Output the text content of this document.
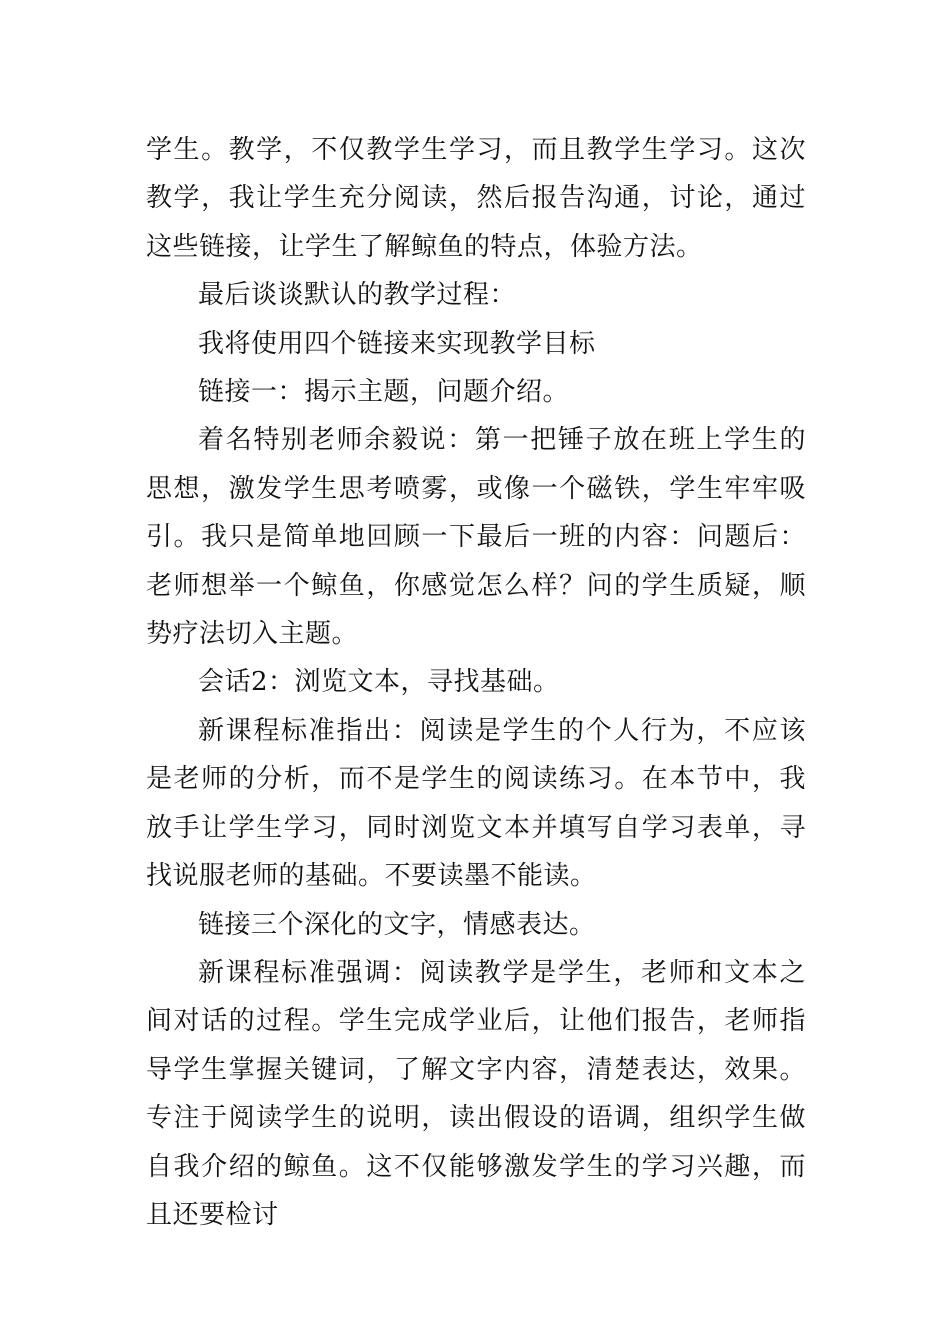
学生。教学，不仅教学生学习，而且教学生学习。这次教学，我让学生充分阅读，然后报告沟通，讨论，通过这些链接，让学生了解鲸鱼的特点，体验方法。

最后谈谈默认的教学过程：

我将使用四个链接来实现教学目标

链接一：揭示主题，问题介绍。

着名特别老师余毅说：第一把锤子放在班上学生的思想，激发学生思考喷雾，或像一个磁铁，学生牢牢吸引。我只是简单地回顾一下最后一班的内容：问题后：老师想举一个鲸鱼，你感觉怎么样？问的学生质疑，顺势疗法切入主题。

会话2：浏览文本，寻找基础。

新课程标准指出：阅读是学生的个人行为，不应该是老师的分析，而不是学生的阅读练习。在本节中，我放手让学生学习，同时浏览文本并填写自学习表单，寻找说服老师的基础。不要读墨不能读。

链接三个深化的文字，情感表达。

新课程标准强调：阅读教学是学生，老师和文本之间对话的过程。学生完成学业后，让他们报告，老师指导学生掌握关键词，了解文字内容，清楚表达，效果。专注于阅读学生的说明，读出假设的语调，组织学生做自我介绍的鲸鱼。这不仅能够激发学生的学习兴趣，而且还要检讨
